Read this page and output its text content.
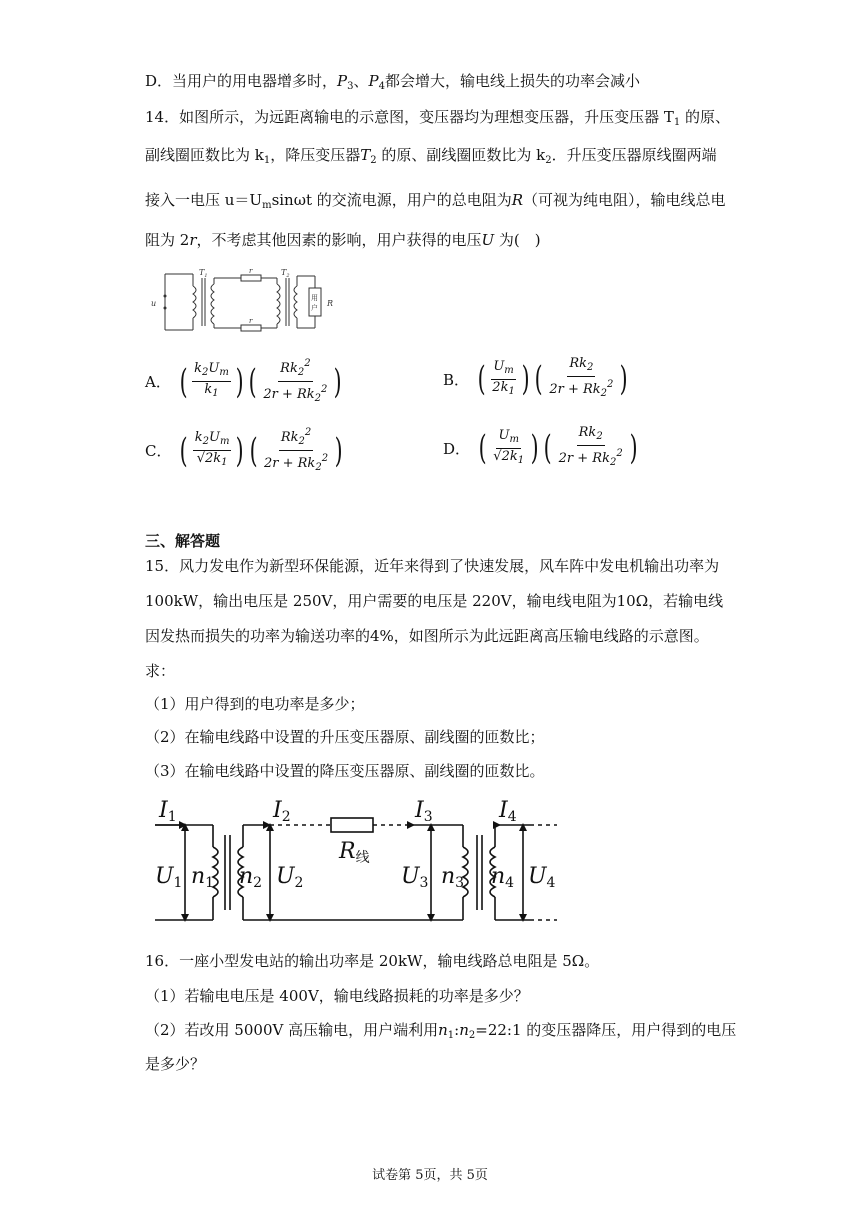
D．当用户的用电器增多时，$P_3$、$P_4$都会增大，输电线上损失的功率会减小
14．如图所示，为远距离输电的示意图，变压器均为理想变压器，升压变压器 $T_1$ 的原、
副线圈匝数比为 $k_1$，降压变压器$T_2$ 的原、副线圈匝数比为 $k_2$．升压变压器原线圈两端
接入一电压 $u=U_m\sin\omega t$ 的交流电源，用户的总电阻为R（可视为纯电阻），输电线总电
阻为 2r，不考虑其他因素的影响，用户获得的电压U 为(　)
u
$T_1$	$T_2$
r
r
用
户 R
A． ( $\frac{k_2U_m}{k_1}$ ) ( $\frac{Rk_2^2}{2r + Rk_2^2}$ )	B． ( $\frac{U_m}{2k_1}$ ) ( $\frac{Rk_2}{2r + Rk_2^2}$ )
C． ( $\frac{k_2U_m}{√2k_1}$ ) ( $\frac{Rk_2^2}{2r + Rk_2^2}$ )	D． ( $\frac{U_m}{√2k_1}$ ) ( $\frac{Rk_2}{2r + Rk_2^2}$ )
三、解答题
15．风力发电作为新型环保能源，近年来得到了快速发展，风车阵中发电机输出功率为
100kW，输出电压是 250V，用户需要的电压是 220V，输电线电阻为10Ω，若输电线
因发热而损失的功率为输送功率的4%，如图所示为此远距离高压输电线路的示意图。
求：
（1）用户得到的电功率是多少；
（2）在输电线路中设置的升压变压器原、副线圈的匝数比；
（3）在输电线路中设置的降压变压器原、副线圈的匝数比。
I1	I2	I3	I4
R线
U1 n1 n2 U2	U3 n3 n4 U4
16．一座小型发电站的输出功率是 20kW，输电线路总电阻是 5Ω。
（1）若输电电压是 400V，输电线路损耗的功率是多少？
（2）若改用 5000V 高压输电，用户端利用$n_1:n_2=22:1$ 的变压器降压，用户得到的电压
是多少？
试卷第 5页，共 5页
